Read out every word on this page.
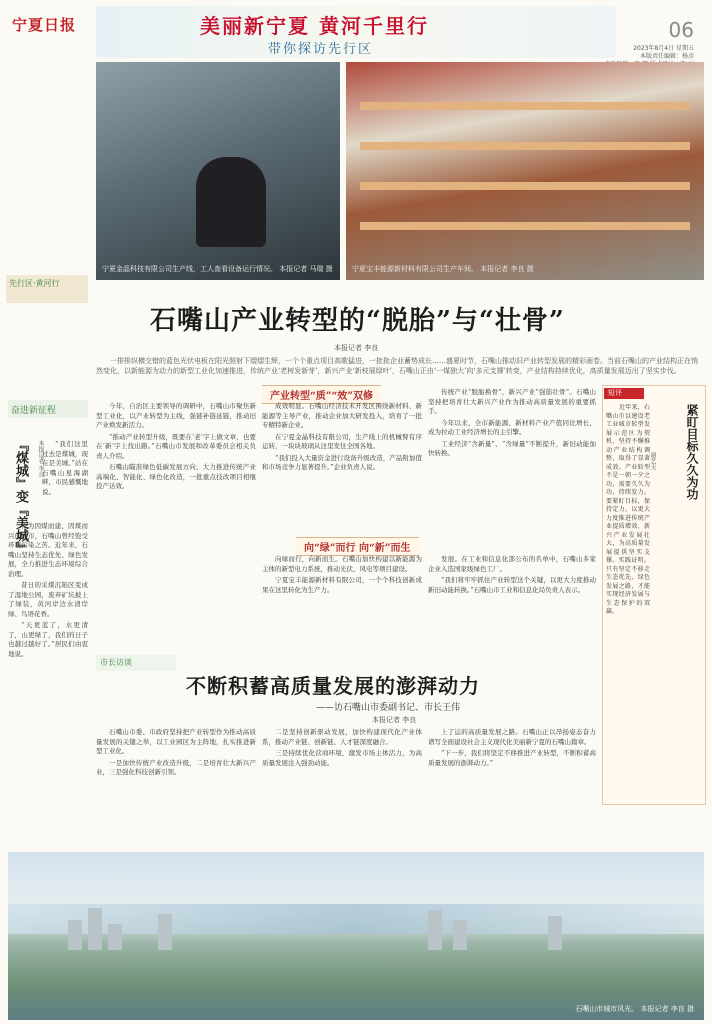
宁夏日报	美丽新宁夏 黄河千里行
带你探访先行区
06
2023年8月4日 星期五
本版责任编辑：杨彦
宁夏金晶科技有限公司生产线，工人查看设备运行情况。 本报记者 马瑞 摄	宁夏宝丰能源新材料有限公司生产车间。 本报记者 李良 摄
先行区·黄河行
石嘴山产业转型的“脱胎”与“壮骨”
本报记者 李良
一排排纵横交错的蓝色光伏电板在阳光照射下熠熠生辉，一个个重点项目高歌猛进，一批批企业蓄势成长……盛夏时节，石嘴山推动旧产业转型发展的精彩画卷。当前石嘴山的产业结构正在悄然变化，以新能源为动力的新型工业化加速推进，传统产业‘老树发新芽’，新兴产业‘新枝展绿叶’，石嘴山正由‘一煤独大’向‘多元支撑’转变，产业结构持续优化，高质量发展迈出了坚实步伐。
奋进新征程
『煤城』变『美城』 本报记者 李良	“我们这里过去是煤城，现在是美城。”站在石嘴山星海湖畔，市民感慨地说。

作为因煤而建、因煤而兴的城市，石嘴山曾经饱受环境污染之苦。近年来，石嘴山坚持生态优先、绿色发展，全力推进生态环境综合治理。

昔日的采煤沉陷区变成了湿地公园，废弃矿坑披上了绿装，黄河岸边水清岸绿、鸟语花香。

“天更蓝了，水更清了，山更绿了，我们的日子也越过越好了。”居民们由衷地说。

产业转型“质”“效”双修

今年，自治区主要领导的调研中，石嘴山市聚焦新型工业化，以产业转型为主线，强链补链延链，推动旧产业焕发新活力。

“推动产业转型升级，既要在‘老’字上做文章，也要在‘新’字上找出路。”石嘴山市发展和改革委员会相关负责人介绍。

石嘴山瞄准绿色低碳发展方向，大力推进传统产业高端化、智能化、绿色化改造，一批重点技改项目相继投产达效。

成效明显。石嘴山经济技术开发区围绕新材料、新能源等主导产业，推动企业加大研发投入，培育了一批专精特新企业。

在宁夏金晶科技有限公司，生产线上的机械臂有序运转，一块块玻璃从这里发往全国各地。

“我们投入大量资金进行设备升级改造，产品附加值和市场竞争力显著提升。”企业负责人说。

传统产业“脱胎换骨”，新兴产业“强筋壮骨”。石嘴山坚持把培育壮大新兴产业作为推动高质量发展的重要抓手。

今年以来，全市新能源、新材料产业产值同比增长，成为拉动工业经济增长的主引擎。

工业经济“含新量”、“含绿量”不断提升，新旧动能加快转换。

向“绿”而行 向“新”而生

向绿而行，向新而生。石嘴山加快构建以新能源为主体的新型电力系统，推动光伏、风电等项目建设。

宁夏宝丰能源新材料有限公司，一个个科技创新成果在这里转化为生产力。

发展。在工业和信息化部公布的名单中，石嘴山多家企业入选国家级绿色工厂。

“我们将牢牢抓住产业转型这个关键，以更大力度推动新旧动能转换。”石嘴山市工业和信息化局负责人表示。

市长访谈
不断积蓄高质量发展的澎湃动力
——访石嘴山市委副书记、市长王伟
本报记者 李良

石嘴山市委、市政府坚持把产业转型作为推动高质量发展的关键之举，以工业园区为主阵地，扎实推进新型工业化。

一是加快传统产业改造升级，二是培育壮大新兴产业，三是强化科技创新引领。

二是坚持创新驱动发展，加快构建现代化产业体系，推动产业链、创新链、人才链深度融合。

三是持续优化营商环境，激发市场主体活力，为高质量发展注入强劲动能。

上了运的高质量发展之路。石嘴山正以昂扬姿态奋力谱写全面建设社会主义现代化美丽新宁夏的石嘴山篇章。

“下一步，我们将坚定不移推进产业转型，不断积蓄高质量发展的澎湃动力。”

短评
紧盯目标久久为功
谢艺天

近年来，石嘴山市以建设老工业城市转型发展示范区为契机，坚持不懈推动产业结构调整，取得了显著成效。产业转型不是一朝一夕之功，需要久久为功、持续发力。要紧盯目标，保持定力，以更大力度推进传统产业提质增效、新兴产业发展壮大，为高质量发展提供坚实支撑。实践证明，只有坚定不移走生态优先、绿色发展之路，才能实现经济发展与生态保护的双赢。

石嘴山市城市风光。 本报记者 李良 摄
